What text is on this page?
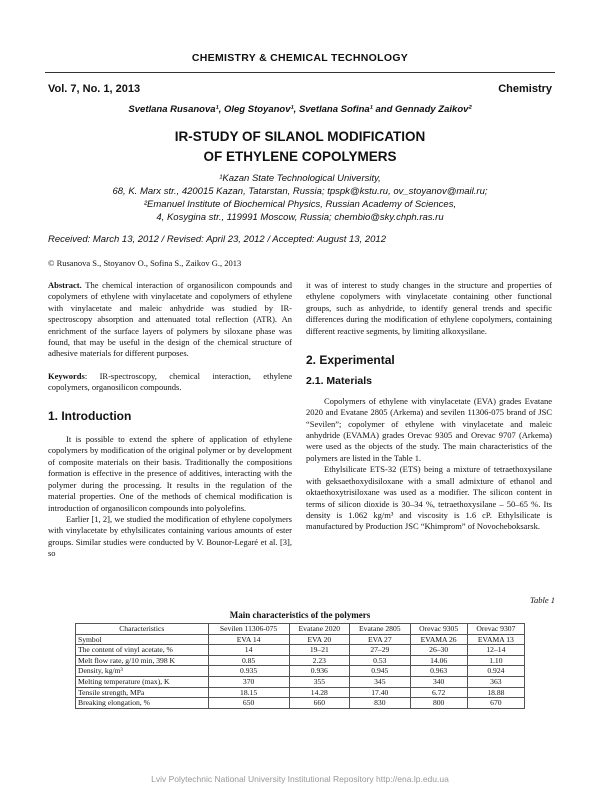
CHEMISTRY & CHEMICAL TECHNOLOGY
Vol. 7, No. 1, 2013	Chemistry
Svetlana Rusanova¹, Oleg Stoyanov¹, Svetlana Sofina¹ and Gennady Zaikov²
IR-STUDY OF SILANOL MODIFICATION
OF ETHYLENE COPOLYMERS
¹Kazan State Technological University,
68, K. Marx str., 420015 Kazan, Tatarstan, Russia; tpspk@kstu.ru, ov_stoyanov@mail.ru;
²Emanuel Institute of Biochemical Physics, Russian Academy of Sciences,
4, Kosygina str., 119991 Moscow, Russia; chembio@sky.chph.ras.ru
Received: March 13, 2012 / Revised: April 23, 2012 / Accepted: August 13, 2012
© Rusanova S., Stoyanov O., Sofina S., Zaikov G., 2013

Abstract. The chemical interaction of organosilicon compounds and copolymers of ethylene with vinylacetate and copolymers of ethylene with vinylacetate and maleic anhydride was studied by IR-spectroscopy absorption and attenuated total reflection (ATR). An enrichment of the surface layers of polymers by siloxane phase was found, that may be useful in the design of the chemical structure of adhesive materials for different purposes.

Keywords: IR-spectroscopy, chemical interaction, ethylene copolymers, organosilicon compounds.

1. Introduction

It is possible to extend the sphere of application of ethylene copolymers by modification of the original polymer or by development of composite materials on their basis. Traditionally the compositions formation is effective in the presence of additives, interacting with the polymer during the processing. It results in the regulation of the material properties. One of the methods of chemical modification is introduction of organosilicon compounds into polyolefins.

Earlier [1, 2], we studied the modification of ethylene copolymers with vinylacetate by ethylsilicates containing various amounts of ester groups. Similar studies were conducted by V. Bounor-Legaré et al. [3], so

it was of interest to study changes in the structure and properties of ethylene copolymers with vinylacetate containing other functional groups, such as anhydride, to identify general trends and specific differences during the modification of ethylene copolymers, containing different reactive segments, by limiting alkoxysilane.

2. Experimental
2.1. Materials

Copolymers of ethylene with vinylacetate (EVA) grades Evatane 2020 and Evatane 2805 (Arkema) and sevilen 11306-075 brand of JSC “Sevilen”; copolymer of ethylene with vinylacetate and maleic anhydride (EVAMA) grades Orevac 9305 and Orevac 9707 (Arkema) were used as the objects of the study. The main characteristics of the polymers are listed in the Table 1.

Ethylsilicate ETS-32 (ETS) being a mixture of tetraethoxysilane with geksaethoxydisiloxane with a small admixture of ethanol and oktaethoxytrisiloxane was used as a modifier. The silicon content in terms of silicon dioxide is 30–34 %, tetraethoxysilane – 50–65 %. Its density is 1.062 kg/m³ and viscosity is 1.6 cP. Ethylsilicate is manufactured by Production JSC “Khimprom” of Novocheboksarsk.

Table 1
Main characteristics of the polymers
Characteristics	Sevilen 11306-075	Evatane 2020	Evatane 2805	Orevac 9305	Orevac 9307
Symbol	EVA 14	EVA 20	EVA 27	EVAMA 26	EVAMA 13
The content of vinyl acetate, %	14	19–21	27–29	26–30	12–14
Melt flow rate, g/10 min, 398 K	0.85	2.23	0.53	14.06	1.10
Density, kg/m³	0.935	0.936	0.945	0.963	0.924
Melting temperature (max), K	370	355	345	340	363
Tensile strength, MPa	18.15	14.28	17.40	6.72	18.88
Breaking elongation, %	650	660	830	800	670
Lviv Polytechnic National University Institutional Repository http://ena.lp.edu.ua
